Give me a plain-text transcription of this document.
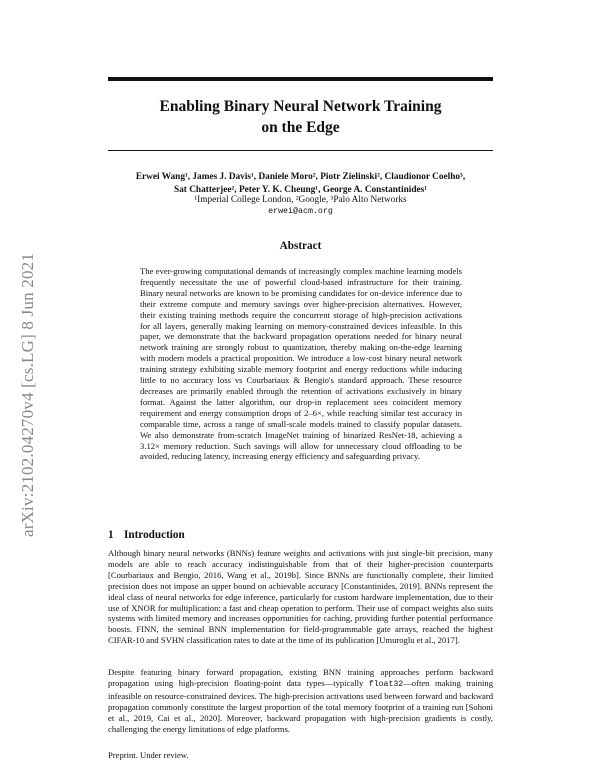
Enabling Binary Neural Network Training
on the Edge
Erwei Wang¹, James J. Davis¹, Daniele Moro², Piotr Zielinski², Claudionor Coelho³,
Sat Chatterjee², Peter Y. K. Cheung¹, George A. Constantinides¹
¹Imperial College London, ²Google, ³Palo Alto Networks
erwei@acm.org
arXiv:2102.04270v4 [cs.LG] 8 Jun 2021
Abstract
The ever-growing computational demands of increasingly complex machine learning models frequently necessitate the use of powerful cloud-based infrastructure for their training. Binary neural networks are known to be promising candidates for on-device inference due to their extreme compute and memory savings over higher-precision alternatives. However, their existing training methods require the concurrent storage of high-precision activations for all layers, generally making learning on memory-constrained devices infeasible. In this paper, we demonstrate that the backward propagation operations needed for binary neural network training are strongly robust to quantization, thereby making on-the-edge learning with modern models a practical proposition. We introduce a low-cost binary neural network training strategy exhibiting sizable memory footprint and energy reductions while inducing little to no accuracy loss vs Courbariaux & Bengio's standard approach. These resource decreases are primarily enabled through the retention of activations exclusively in binary format. Against the latter algorithm, our drop-in replacement sees coincident memory requirement and energy consumption drops of 2–6×, while reaching similar test accuracy in comparable time, across a range of small-scale models trained to classify popular datasets. We also demonstrate from-scratch ImageNet training of binarized ResNet-18, achieving a 3.12× memory reduction. Such savings will allow for unnecessary cloud offloading to be avoided, reducing latency, increasing energy efficiency and safeguarding privacy.
1 Introduction
Although binary neural networks (BNNs) feature weights and activations with just single-bit precision, many models are able to reach accuracy indistinguishable from that of their higher-precision counterparts [Courbariaux and Bengio, 2016, Wang et al., 2019b]. Since BNNs are functionally complete, their limited precision does not impose an upper bound on achievable accuracy [Constantinides, 2019]. BNNs represent the ideal class of neural networks for edge inference, particularly for custom hardware implementation, due to their use of XNOR for multiplication: a fast and cheap operation to perform. Their use of compact weights also suits systems with limited memory and increases opportunities for caching, providing further potential performance boosts. FINN, the seminal BNN implementation for field-programmable gate arrays, reached the highest CIFAR-10 and SVHN classification rates to date at the time of its publication [Umuroglu et al., 2017].
Despite featuring binary forward propagation, existing BNN training approaches perform backward propagation using high-precision floating-point data types—typically float32—often making training infeasible on resource-constrained devices. The high-precision activations used between forward and backward propagation commonly constitute the largest proportion of the total memory footprint of a training run [Sohoni et al., 2019, Cai et al., 2020]. Moreover, backward propagation with high-precision gradients is costly, challenging the energy limitations of edge platforms.
Preprint. Under review.
